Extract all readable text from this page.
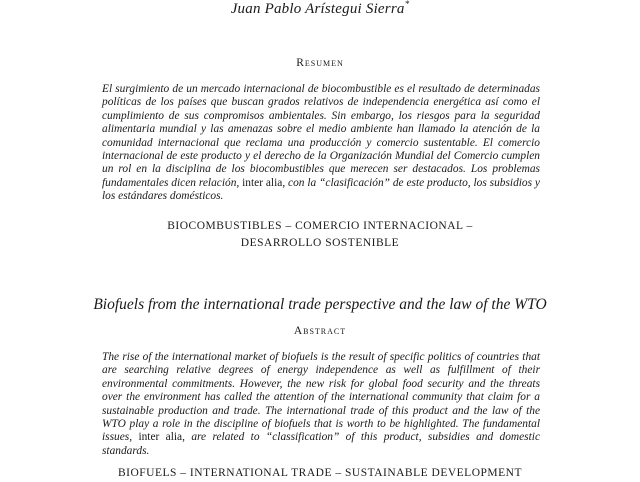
Juan Pablo Arístegui Sierra*
Resumen
El surgimiento de un mercado internacional de biocombustible es el resultado de determinadas políticas de los países que buscan grados relativos de independencia energética así como el cumplimiento de sus compromisos ambientales. Sin embargo, los riesgos para la seguridad alimentaria mundial y las amenazas sobre el medio ambiente han llamado la atención de la comunidad internacional que reclama una producción y comercio sustentable. El comercio internacional de este producto y el derecho de la Organización Mundial del Comercio cumplen un rol en la disciplina de los biocombustibles que merecen ser destacados. Los problemas fundamentales dicen relación, inter alia, con la “clasificación” de este producto, los subsidios y los estándares domésticos.
BIOCOMBUSTIBLES – COMERCIO INTERNACIONAL –
DESARROLLO SOSTENIBLE
Biofuels from the international trade perspective and the law of the WTO
Abstract
The rise of the international market of biofuels is the result of specific politics of countries that are searching relative degrees of energy independence as well as fulfillment of their environmental commitments. However, the new risk for global food security and the threats over the environment has called the attention of the international community that claim for a sustainable production and trade. The international trade of this product and the law of the WTO play a role in the discipline of biofuels that is worth to be highlighted. The fundamental issues, inter alia, are related to “classification” of this product, subsidies and domestic standards.
BIOFUELS – INTERNATIONAL TRADE – SUSTAINABLE DEVELOPMENT
